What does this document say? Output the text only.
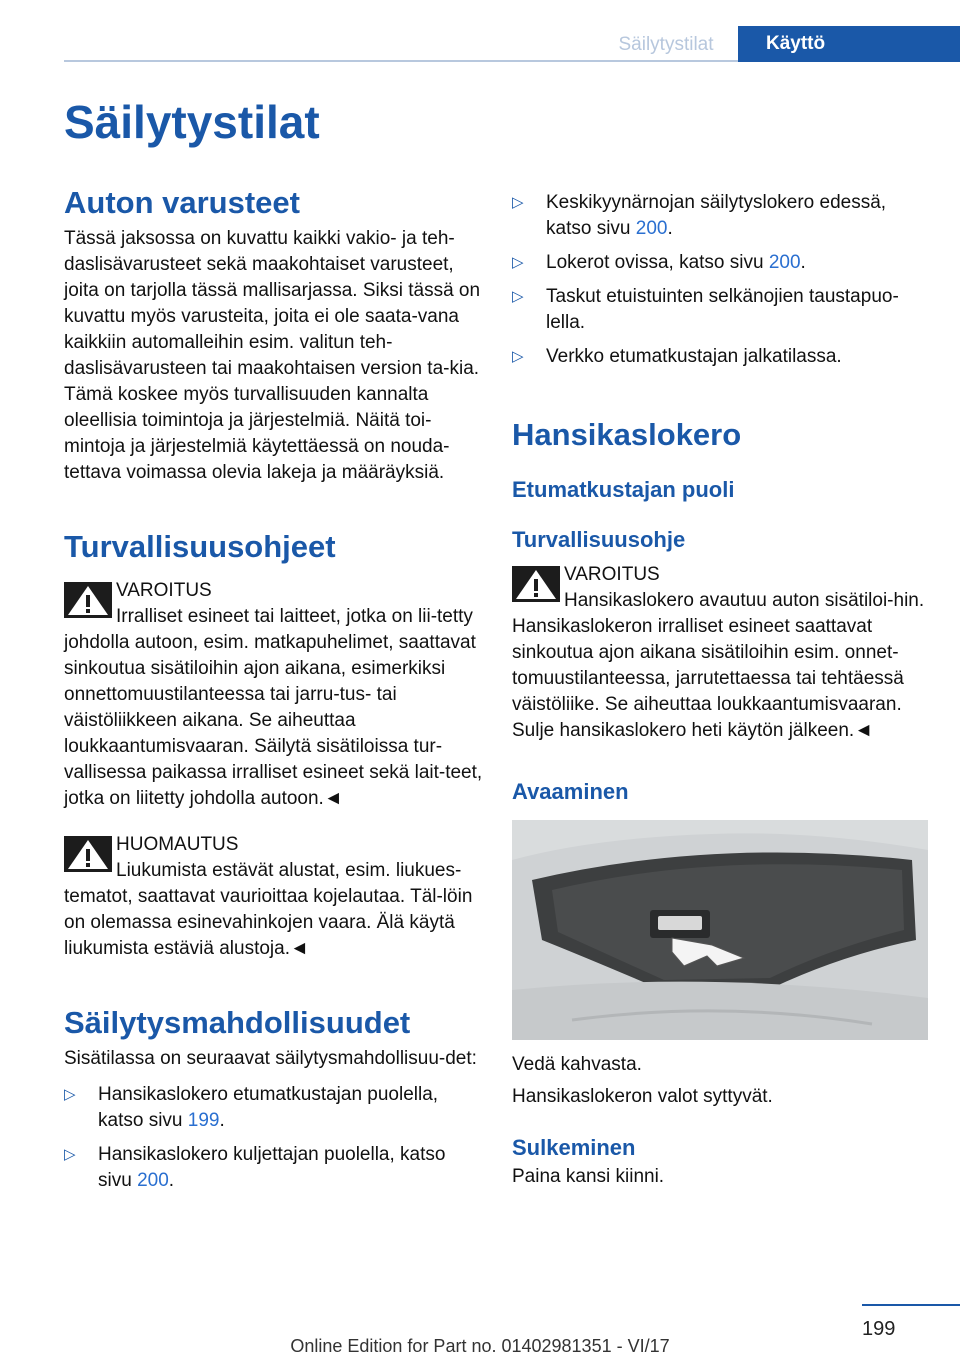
Säilytystilat	Käyttö
Säilytystilat
Auton varusteet

Tässä jaksossa on kuvattu kaikki vakio- ja teh-daslisävarusteet sekä maakohtaiset varusteet, joita on tarjolla tässä mallisarjassa. Siksi tässä on kuvattu myös varusteita, joita ei ole saata-vana kaikkiin automalleihin esim. valitun teh-daslisävarusteen tai maakohtaisen version ta-kia. Tämä koskee myös turvallisuuden kannalta oleellisia toimintoja ja järjestelmiä. Näitä toi-mintoja ja järjestelmiä käytettäessä on nouda-tettava voimassa olevia lakeja ja määräyksiä.

Turvallisuusohjeet
VAROITUS

Irralliset esineet tai laitteet, jotka on lii-tetty johdolla autoon, esim. matkapuhelimet, saattavat sinkoutua sisätiloihin ajon aikana, esimerkiksi onnettomuustilanteessa tai jarru-tus- tai väistöliikkeen aikana. Se aiheuttaa loukkaantumisvaaran. Säilytä sisätiloissa tur-vallisessa paikassa irralliset esineet sekä lait-teet, jotka on liitetty johdolla autoon.◄

HUOMAUTUS

Liukumista estävät alustat, esim. liukues-tematot, saattavat vaurioittaa kojelautaa. Täl-löin on olemassa esinevahinkojen vaara. Älä käytä liukumista estäviä alustoja.◄

Säilytysmahdollisuudet

Sisätilassa on seuraavat säilytysmahdollisuu-det:

▷ Hansikaslokero etumatkustajan puolella, katso sivu 199.
▷ Hansikaslokero kuljettajan puolella, katso sivu 200.
▷ Keskikyynärnojan säilytyslokero edessä, katso sivu 200.
▷ Lokerot ovissa, katso sivu 200.
▷ Taskut etuistuinten selkänojien taustapuo-lella.
▷ Verkko etumatkustajan jalkatilassa.
Hansikaslokero
Etumatkustajan puoli
Turvallisuusohje
VAROITUS

Hansikaslokero avautuu auton sisätiloi-hin. Hansikaslokeron irralliset esineet saattavat sinkoutua ajon aikana sisätiloihin esim. onnet-tomuustilanteessa, jarrutettaessa tai tehtäessä väistöliike. Se aiheuttaa loukkaantumisvaaran. Sulje hansikaslokero heti käytön jälkeen.◄

Avaaminen

Vedä kahvasta.

Hansikaslokeron valot syttyvät.

Sulkeminen

Paina kansi kiinni.

199
Online Edition for Part no. 01402981351 - VI/17
